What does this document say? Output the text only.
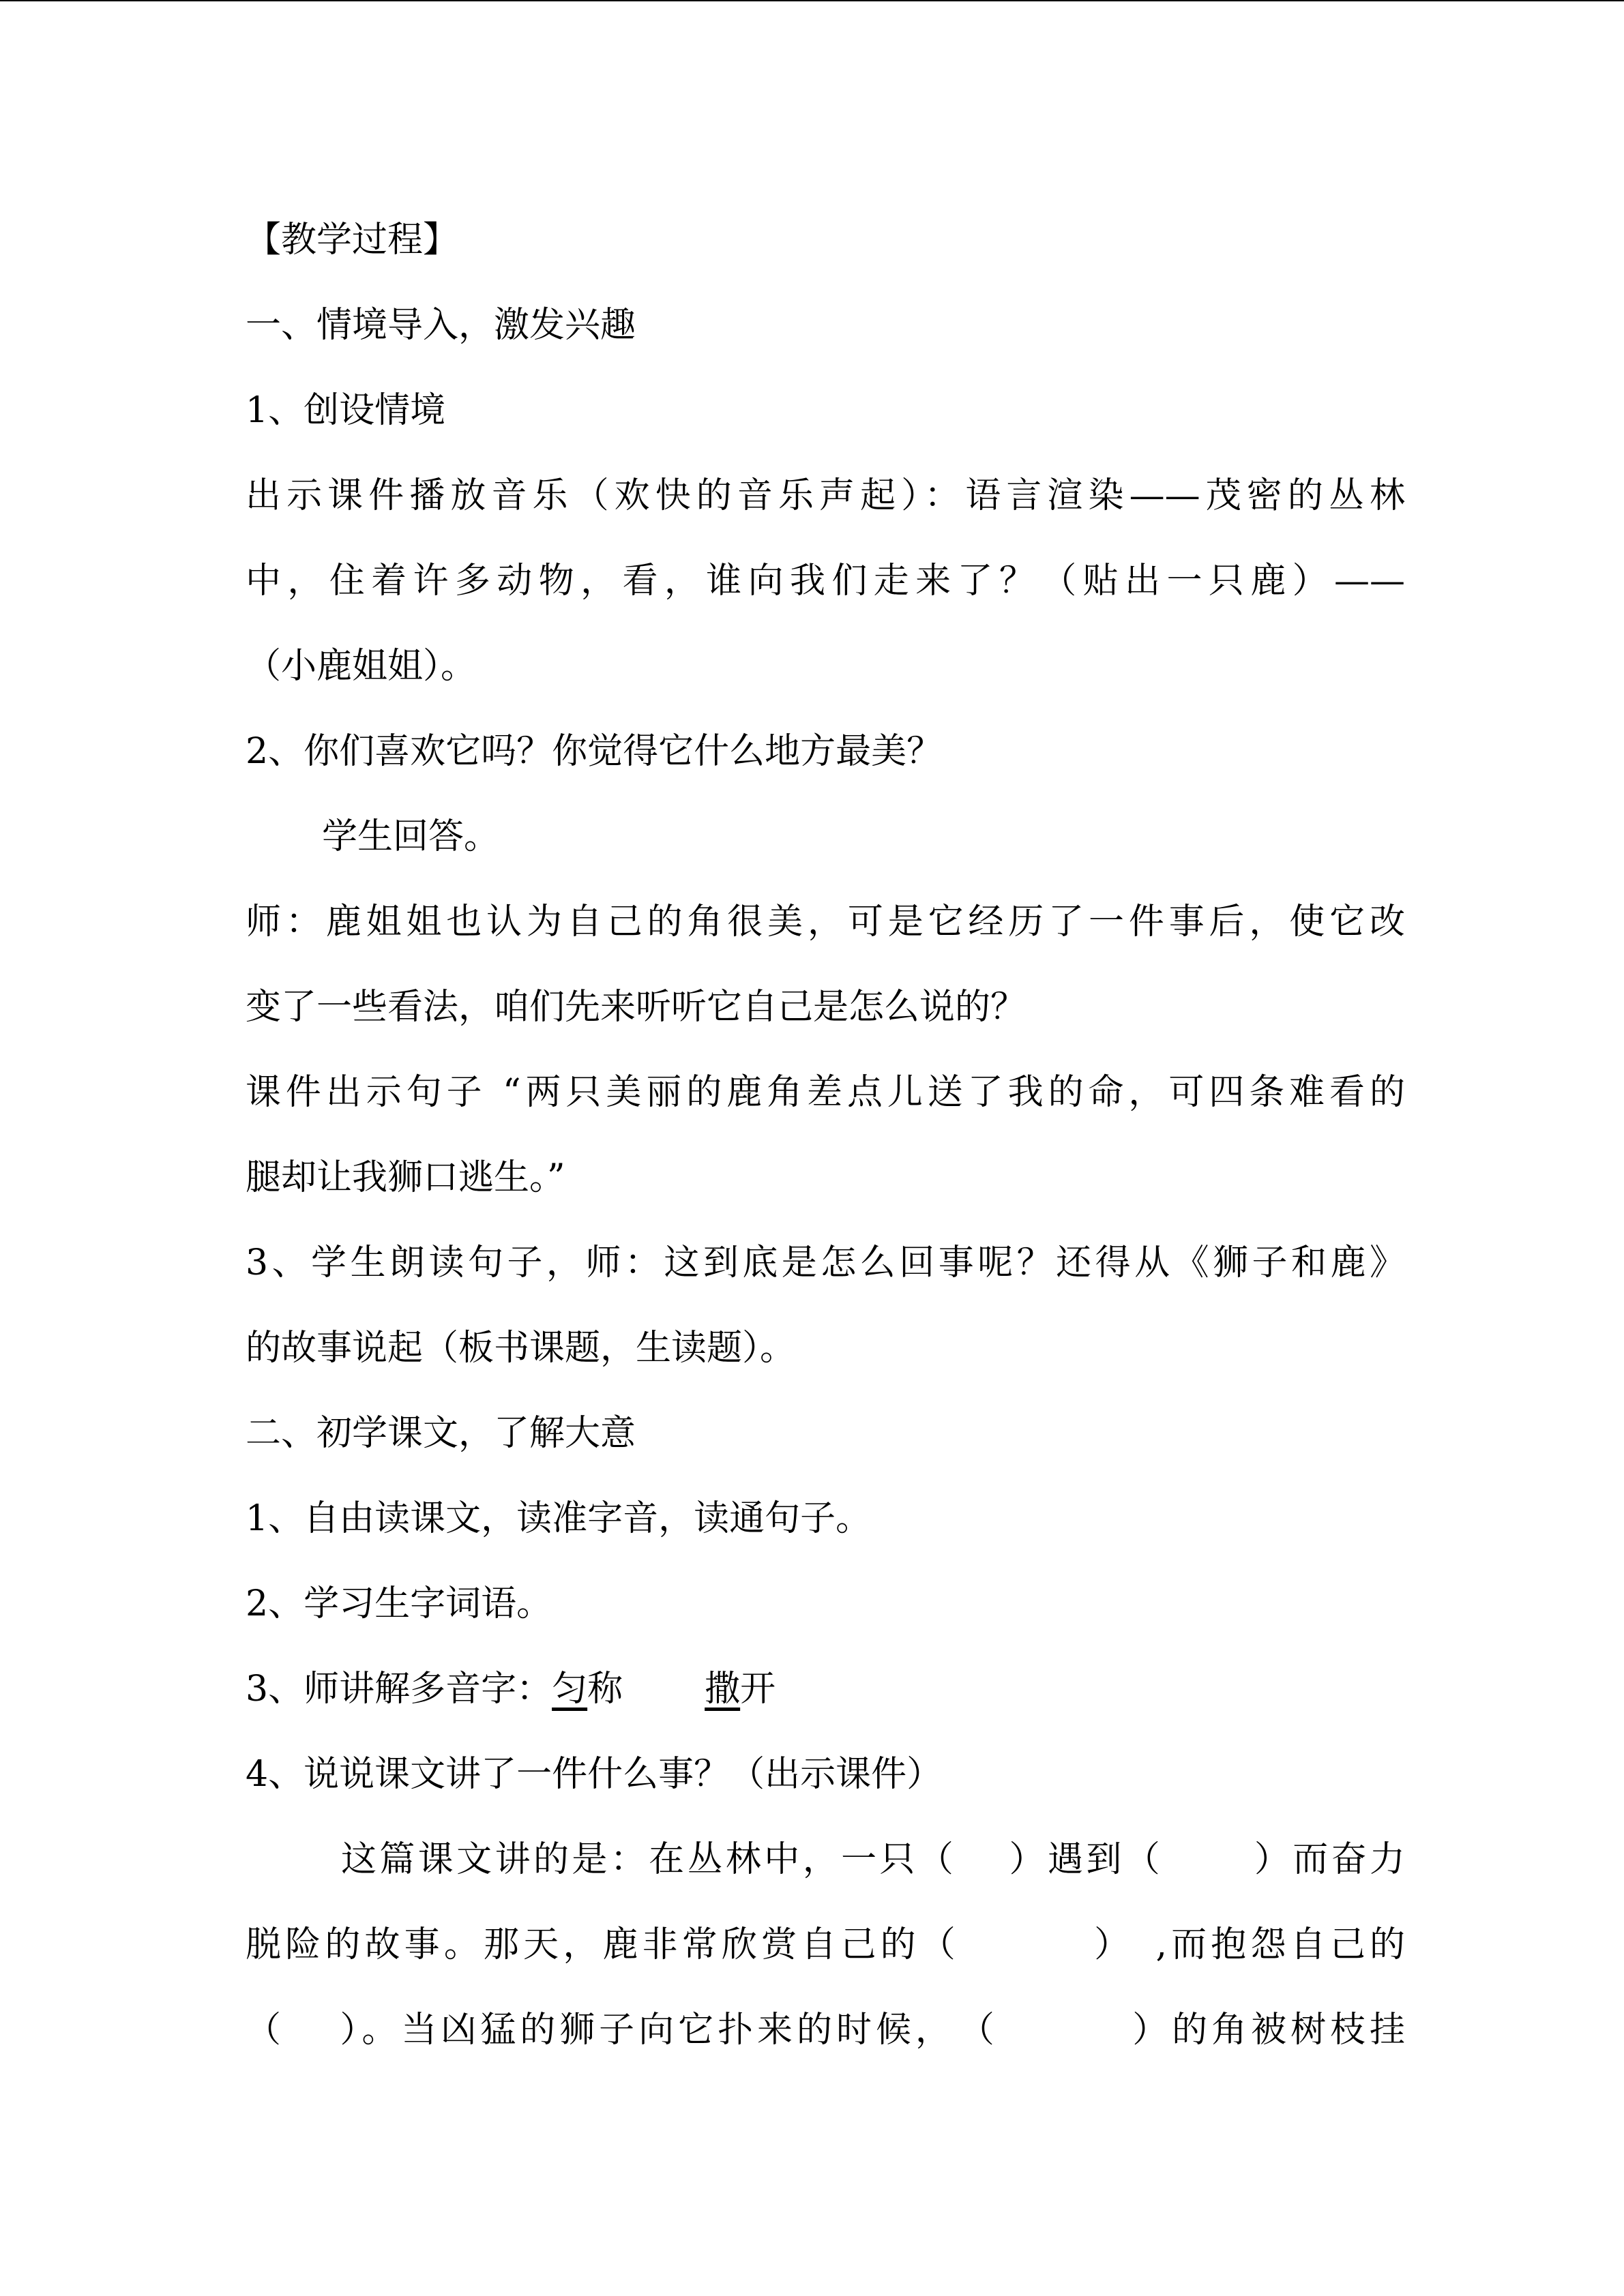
【教学过程】
一、情境导入，激发兴趣
1、创设情境
出示课件播放音乐（欢快的音乐声起）：语言渲染——茂密的丛林
中，住着许多动物，看，谁向我们走来了？（贴出一只鹿）——
（小鹿姐姐）。
2、你们喜欢它吗？你觉得它什么地方最美？
学生回答。
师：鹿姐姐也认为自己的角很美，可是它经历了一件事后，使它改
变了一些看法，咱们先来听听它自己是怎么说的？
课件出示句子 “两只美丽的鹿角差点儿送了我的命，可四条难看的
腿却让我狮口逃生。”
3、学生朗读句子，师：这到底是怎么回事呢？还得从《狮子和鹿》
的故事说起（板书课题，生读题）。
二、初学课文，了解大意
1、自由读课文，读准字音，读通句子。
2、学习生字词语。
3、师讲解多音字：匀称 撒开
4、说说课文讲了一件什么事？（出示课件）
这篇课文讲的是：在丛林中，一只（　 ）遇到（　　 ）而奋力
脱险的故事。那天，鹿非常欣赏自己的（　　　 ）　,而抱怨自己的
（　 ）。当凶猛的狮子向它扑来的时候，　（　　　 ）的角被树枝挂
